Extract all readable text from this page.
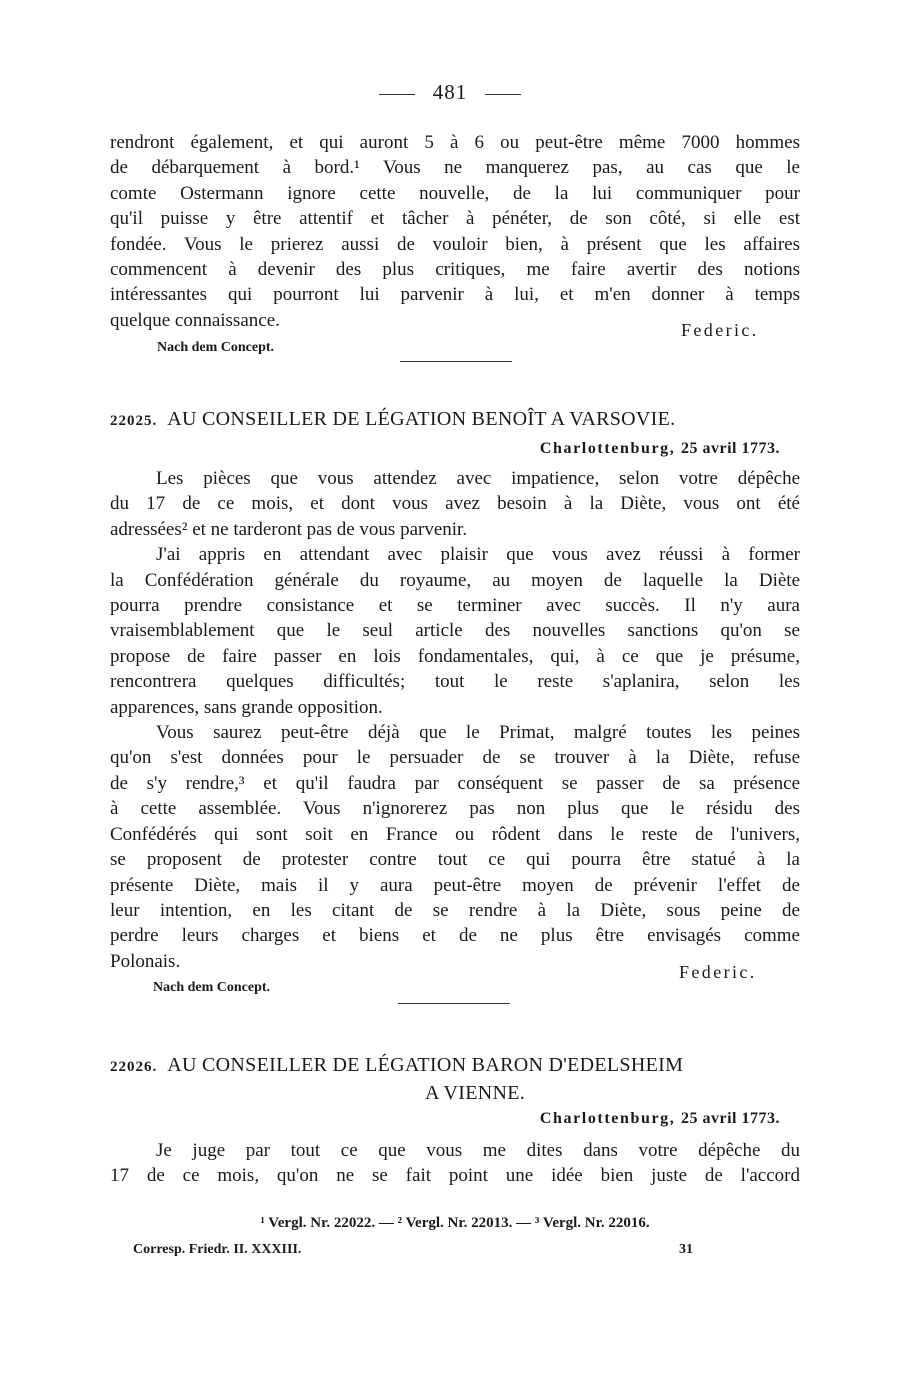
481
rendront également, et qui auront 5 à 6 ou peut-être même 7000 hommes
de débarquement à bord.¹ Vous ne manquerez pas, au cas que le
comte Ostermann ignore cette nouvelle, de la lui communiquer pour
qu'il puisse y être attentif et tâcher à pénéter, de son côté, si elle est
fondée. Vous le prierez aussi de vouloir bien, à présent que les affaires
commencent à devenir des plus critiques, me faire avertir des notions
intéressantes qui pourront lui parvenir à lui, et m'en donner à temps
quelque connaissance.	Federic.
Nach dem Concept.
22025. AU CONSEILLER DE LÉGATION BENOÎT A VARSOVIE.
Charlottenburg, 25 avril 1773.
Les pièces que vous attendez avec impatience, selon votre dépêche
du 17 de ce mois, et dont vous avez besoin à la Diète, vous ont été
adressées² et ne tarderont pas de vous parvenir.
J'ai appris en attendant avec plaisir que vous avez réussi à former
la Confédération générale du royaume, au moyen de laquelle la Diète
pourra prendre consistance et se terminer avec succès. Il n'y aura
vraisemblablement que le seul article des nouvelles sanctions qu'on se
propose de faire passer en lois fondamentales, qui, à ce que je présume,
rencontrera quelques difficultés; tout le reste s'aplanira, selon les
apparences, sans grande opposition.
Vous saurez peut-être déjà que le Primat, malgré toutes les peines
qu'on s'est données pour le persuader de se trouver à la Diète, refuse
de s'y rendre,³ et qu'il faudra par conséquent se passer de sa présence
à cette assemblée. Vous n'ignorerez pas non plus que le résidu des
Confédérés qui sont soit en France ou rôdent dans le reste de l'univers,
se proposent de protester contre tout ce qui pourra être statué à la
présente Diète, mais il y aura peut-être moyen de prévenir l'effet de
leur intention, en les citant de se rendre à la Diète, sous peine de
perdre leurs charges et biens et de ne plus être envisagés comme
Polonais.
Federic.
Nach dem Concept.
22026. AU CONSEILLER DE LÉGATION BARON D'EDELSHEIM
A VIENNE.
Charlottenburg, 25 avril 1773.
Je juge par tout ce que vous me dites dans votre dépêche du
17 de ce mois, qu'on ne se fait point une idée bien juste de l'accord
¹ Vergl. Nr. 22022. — ² Vergl. Nr. 22013. — ³ Vergl. Nr. 22016.
Corresp. Friedr. II. XXXIII.	31
